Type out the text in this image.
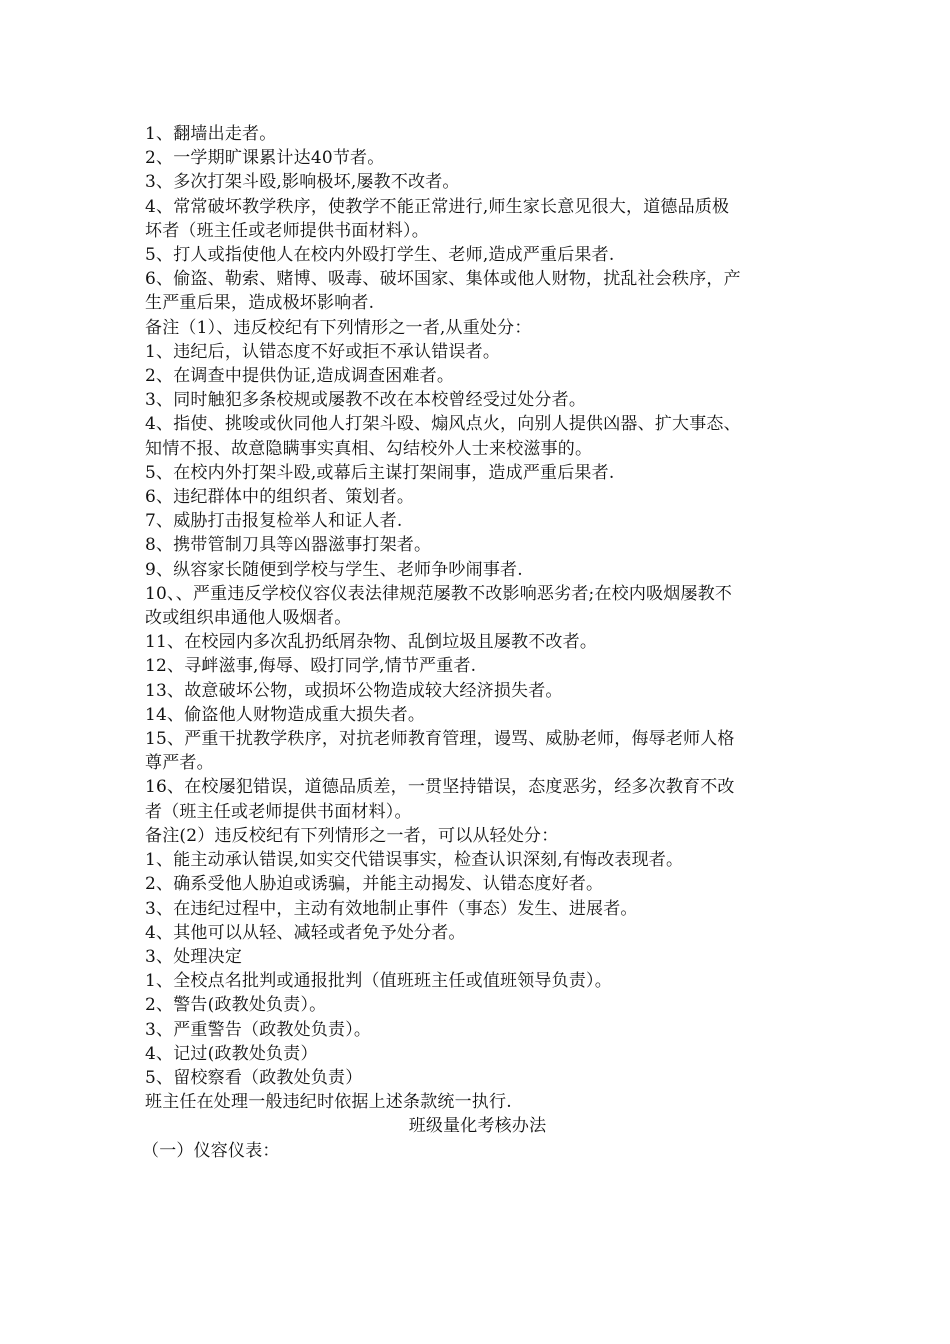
1、翻墙出走者。
2、一学期旷课累计达40节者。
3、多次打架斗殴,影响极坏,屡教不改者。
4、常常破坏教学秩序，使教学不能正常进行,师生家长意见很大，道德品质极
坏者（班主任或老师提供书面材料）。
5、打人或指使他人在校内外殴打学生、老师,造成严重后果者.
6、偷盗、勒索、赌博、吸毒、破坏国家、集体或他人财物，扰乱社会秩序，产
生严重后果，造成极坏影响者.
备注（1）、违反校纪有下列情形之一者,从重处分：
1、违纪后，认错态度不好或拒不承认错误者。
2、在调查中提供伪证,造成调查困难者。
3、同时触犯多条校规或屡教不改在本校曾经受过处分者。
4、指使、挑唆或伙同他人打架斗殴、煽风点火，向别人提供凶器、扩大事态、
知情不报、故意隐瞒事实真相、勾结校外人士来校滋事的。
5、在校内外打架斗殴,或幕后主谋打架闹事，造成严重后果者.
6、违纪群体中的组织者、策划者。
7、威胁打击报复检举人和证人者.
8、携带管制刀具等凶器滋事打架者。
9、纵容家长随便到学校与学生、老师争吵闹事者.
10、、严重违反学校仪容仪表法律规范屡教不改影响恶劣者;在校内吸烟屡教不
改或组织串通他人吸烟者。
11、在校园内多次乱扔纸屑杂物、乱倒垃圾且屡教不改者。
12、寻衅滋事,侮辱、殴打同学,情节严重者.
13、故意破坏公物，或损坏公物造成较大经济损失者。
14、偷盗他人财物造成重大损失者。
15、严重干扰教学秩序，对抗老师教育管理，谩骂、威胁老师，侮辱老师人格
尊严者。
16、在校屡犯错误，道德品质差，一贯坚持错误，态度恶劣，经多次教育不改
者（班主任或老师提供书面材料）。
备注(2）违反校纪有下列情形之一者，可以从轻处分：
1、能主动承认错误,如实交代错误事实，检查认识深刻,有悔改表现者。
2、确系受他人胁迫或诱骗，并能主动揭发、认错态度好者。
3、在违纪过程中，主动有效地制止事件（事态）发生、进展者。
4、其他可以从轻、减轻或者免予处分者。
3、处理决定
1、全校点名批判或通报批判（值班班主任或值班领导负责）。
2、警告(政教处负责）。
3、严重警告（政教处负责）。
4、记过(政教处负责）
5、留校察看（政教处负责）
班主任在处理一般违纪时依据上述条款统一执行.
班级量化考核办法
（一）仪容仪表：
